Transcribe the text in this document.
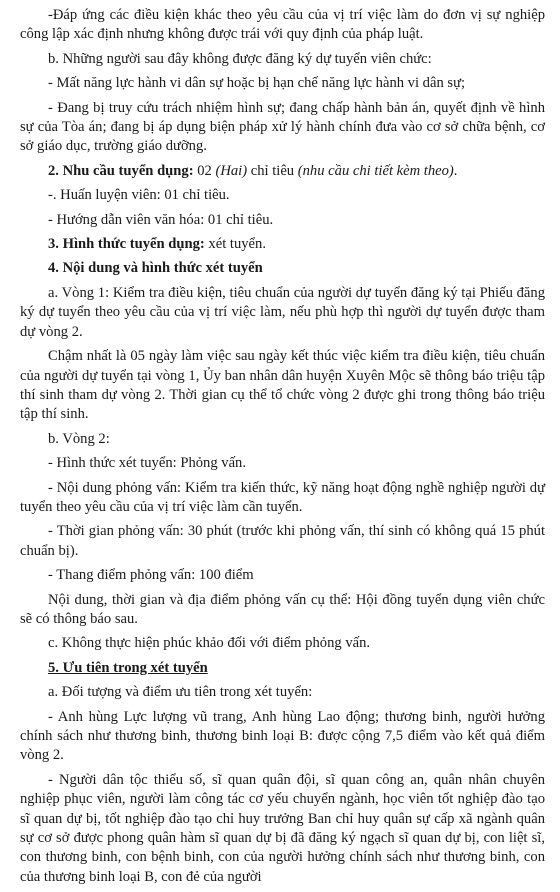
-Đáp ứng các điều kiện khác theo yêu cầu của vị trí việc làm do đơn vị sự nghiệp công lập xác định nhưng không được trái với quy định của pháp luật.

b. Những người sau đây không được đăng ký dự tuyển viên chức:

- Mất năng lực hành vi dân sự hoặc bị hạn chế năng lực hành vi dân sự;

- Đang bị truy cứu trách nhiệm hình sự; đang chấp hành bản án, quyết định về hình sự của Tòa án; đang bị áp dụng biện pháp xử lý hành chính đưa vào cơ sở chữa bệnh, cơ sở giáo dục, trường giáo dưỡng.

2. Nhu cầu tuyển dụng: 02 (Hai) chỉ tiêu (nhu cầu chi tiết kèm theo).

-. Huấn luyện viên: 01 chỉ tiêu.

- Hướng dẫn viên văn hóa: 01 chỉ tiêu.

3. Hình thức tuyển dụng: xét tuyển.

4. Nội dung và hình thức xét tuyển

a. Vòng 1: Kiểm tra điều kiện, tiêu chuẩn của người dự tuyển đăng ký tại Phiếu đăng ký dự tuyển theo yêu cầu của vị trí việc làm, nếu phù hợp thì người dự tuyển được tham dự vòng 2.

Chậm nhất là 05 ngày làm việc sau ngày kết thúc việc kiểm tra điều kiện, tiêu chuẩn của người dự tuyển tại vòng 1, Ủy ban nhân dân huyện Xuyên Mộc sẽ thông báo triệu tập thí sinh tham dự vòng 2. Thời gian cụ thể tổ chức vòng 2 được ghi trong thông báo triệu tập thí sinh.

b. Vòng 2:

- Hình thức xét tuyển: Phỏng vấn.

- Nội dung phỏng vấn: Kiểm tra kiến thức, kỹ năng hoạt động nghề nghiệp người dự tuyển theo yêu cầu của vị trí việc làm cần tuyển.

- Thời gian phỏng vấn: 30 phút (trước khi phỏng vấn, thí sinh có không quá 15 phút chuẩn bị).

- Thang điểm phỏng vấn: 100 điểm

Nội dung, thời gian và địa điểm phỏng vấn cụ thể: Hội đồng tuyển dụng viên chức sẽ có thông báo sau.

c. Không thực hiện phúc khảo đối với điểm phỏng vấn.

5. Ưu tiên trong xét tuyển

a. Đối tượng và điểm ưu tiên trong xét tuyển:

- Anh hùng Lực lượng vũ trang, Anh hùng Lao động; thương binh, người hưởng chính sách như thương binh, thương binh loại B: được cộng 7,5 điểm vào kết quả điểm vòng 2.

- Người dân tộc thiểu số, sĩ quan quân đội, sĩ quan công an, quân nhân chuyên nghiệp phục viên, người làm công tác cơ yếu chuyển ngành, học viên tốt nghiệp đào tạo sĩ quan dự bị, tốt nghiệp đào tạo chỉ huy trưởng Ban chỉ huy quân sự cấp xã ngành quân sự cơ sở được phong quân hàm sĩ quan dự bị đã đăng ký ngạch sĩ quan dự bị, con liệt sĩ, con thương binh, con bệnh binh, con của người hưởng chính sách như thương binh, con của thương binh loại B, con đẻ của người
